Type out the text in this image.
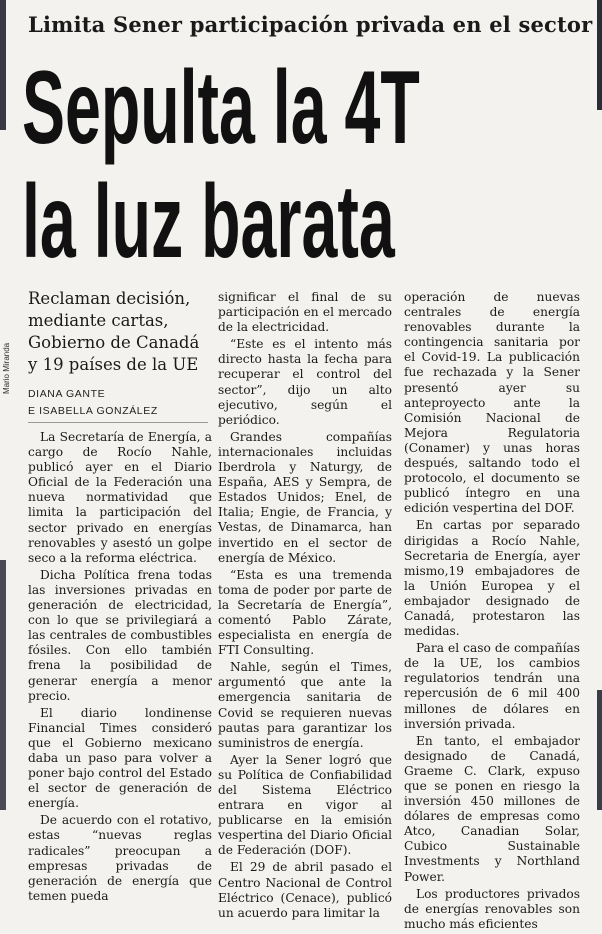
Limita Sener participación privada en el sector
Sepulta la 4T
la luz barata
Reclaman decisión,
mediante cartas,
Gobierno de Canadá
y 19 países de la UE
Mario Miranda DIANA GANTE
E ISABELLA GONZÁLEZ

La Secretaría de Energía, a cargo de Rocío Nahle, publicó ayer en el Diario Oficial de la Federación una nueva normatividad que limita la participación del sector privado en energías renovables y asestó un golpe seco a la reforma eléctrica.

Dicha Política frena todas las inversiones privadas en generación de electricidad, con lo que se privilegiará a las centrales de combustibles fósiles. Con ello también frena la posibilidad de generar energía a menor precio.

El diario londinense Financial Times consideró que el Gobierno mexicano daba un paso para volver a poner bajo control del Estado el sector de generación de energía.

De acuerdo con el rotativo, estas “nuevas reglas radicales” preocupan a empresas privadas de generación de energía que temen pueda

significar el final de su participación en el mercado de la electricidad.

“Este es el intento más directo hasta la fecha para recuperar el control del sector”, dijo un alto ejecutivo, según el periódico.

Grandes compañías internacionales incluidas Iberdrola y Naturgy, de España, AES y Sempra, de Estados Unidos; Enel, de Italia; Engie, de Francia, y Vestas, de Dinamarca, han invertido en el sector de energía de México.

“Esta es una tremenda toma de poder por parte de la Secretaría de Energía”, comentó Pablo Zárate, especialista en energía de FTI Consulting.

Nahle, según el Times, argumentó que ante la emergencia sanitaria de Covid se requieren nuevas pautas para garantizar los suministros de energía.

Ayer la Sener logró que su Política de Confiabilidad del Sistema Eléctrico entrara en vigor al publicarse en la emisión vespertina del Diario Oficial de Federación (DOF).

El 29 de abril pasado el Centro Nacional de Control Eléctrico (Cenace), publicó un acuerdo para limitar la

operación de nuevas centrales de energía renovables durante la contingencia sanitaria por el Covid-19. La publicación fue rechazada y la Sener presentó ayer su anteproyecto ante la Comisión Nacional de Mejora Regulatoria (Conamer) y unas horas después, saltando todo el protocolo, el documento se publicó íntegro en una edición vespertina del DOF.

En cartas por separado dirigidas a Rocío Nahle, Secretaria de Energía, ayer mismo,19 embajadores de la Unión Europea y el embajador designado de Canadá, protestaron las medidas.

Para el caso de compañías de la UE, los cambios regulatorios tendrán una repercusión de 6 mil 400 millones de dólares en inversión privada.

En tanto, el embajador designado de Canadá, Graeme C. Clark, expuso que se ponen en riesgo la inversión 450 millones de dólares de empresas como Atco, Canadian Solar, Cubico Sustainable Investments y Northland Power.

Los productores privados de energías renovables son mucho más eficientes
